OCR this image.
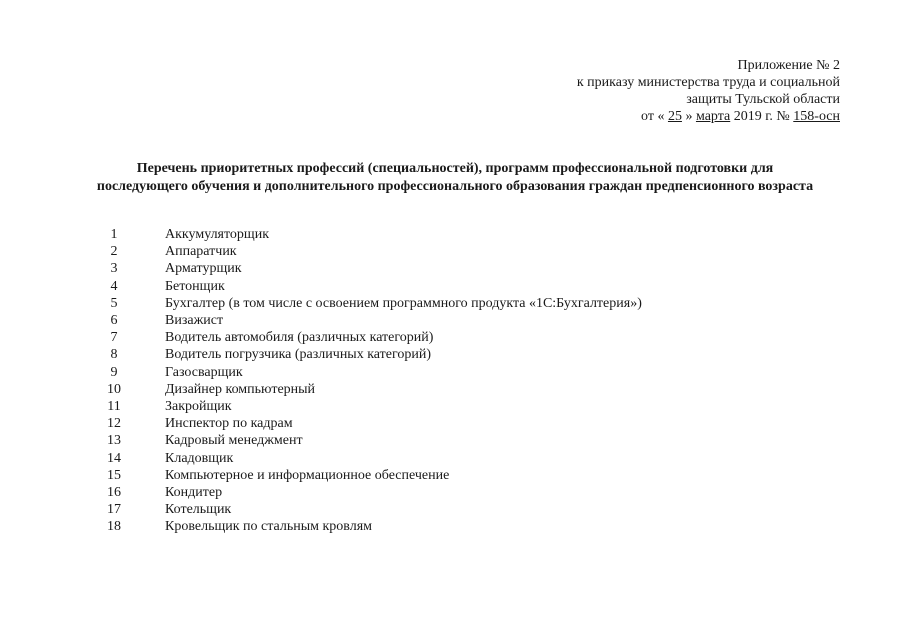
Приложение № 2
к приказу министерства труда и социальной
защиты Тульской области
от « 25 » марта 2019 г. № 158-осн
Перечень приоритетных профессий (специальностей), программ профессиональной подготовки для
последующего обучения и дополнительного профессионального образования граждан предпенсионного возраста
1	Аккумуляторщик
2	Аппаратчик
3	Арматурщик
4	Бетонщик
5	Бухгалтер (в том числе с освоением программного продукта «1С:Бухгалтерия»)
6	Визажист
7	Водитель автомобиля (различных категорий)
8	Водитель погрузчика (различных категорий)
9	Газосварщик
10	Дизайнер компьютерный
11	Закройщик
12	Инспектор по кадрам
13	Кадровый менеджмент
14	Кладовщик
15	Компьютерное и информационное обеспечение
16	Кондитер
17	Котельщик
18	Кровельщик по стальным кровлям
